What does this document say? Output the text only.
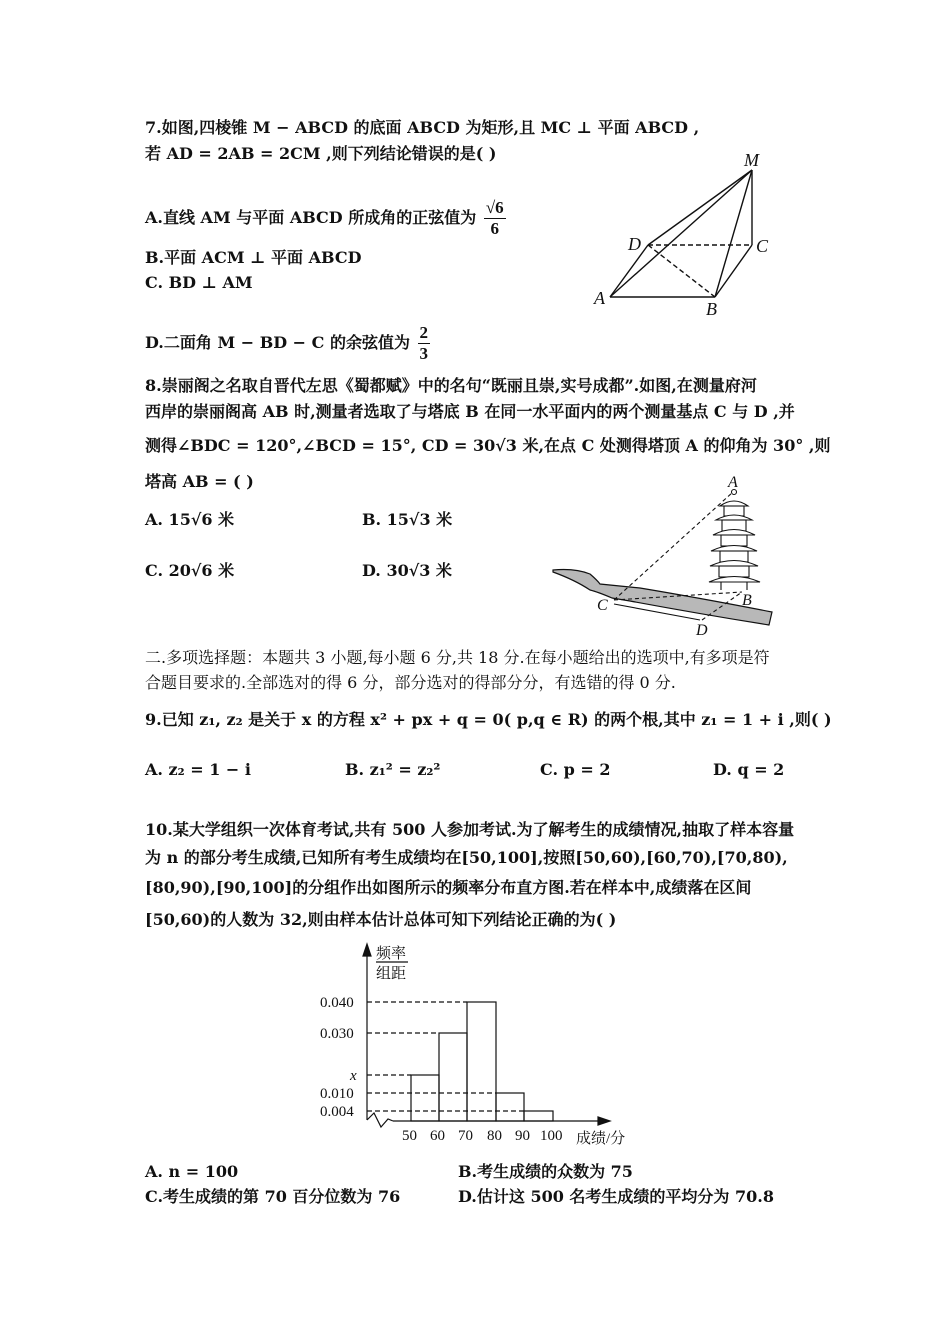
7.如图,四棱锥 M − ABCD 的底面 ABCD 为矩形,且 MC ⊥ 平面 ABCD ,
若 AD = 2AB = 2CM ,则下列结论错误的是( )
A.直线 AM 与平面 ABCD 所成角的正弦值为 $\frac{√6}{6}$
B.平面 ACM ⊥ 平面 ABCD
C. BD ⊥ AM
D.二面角 M − BD − C 的余弦值为 $\frac{2}{3}$
M
D	C
A
B
8.崇丽阁之名取自晋代左思《蜀都赋》中的名句“既丽且崇,实号成都”.如图,在测量府河
西岸的崇丽阁高 AB 时,测量者选取了与塔底 B 在同一水平面内的两个测量基点 C 与 D ,并
测得∠BDC = 120°,∠BCD = 15°, CD = 30√3 米,在点 C 处测得塔顶 A 的仰角为 30° ,则
塔高 AB = ( )
A. 15√6 米	B. 15√3 米
C. 20√6 米	D. 30√3 米
A
B
C
D
二.多项选择题：本题共 3 小题,每小题 6 分,共 18 分.在每小题给出的选项中,有多项是符
合题目要求的.全部选对的得 6 分，部分选对的得部分分，有选错的得 0 分.
9.已知 z₁, z₂ 是关于 x 的方程 x² + px + q = 0( p,q ∈ R) 的两个根,其中 z₁ = 1 + i ,则( )
A. z₂ = 1 − i	B. z₁² = z₂²	C. p = 2	D. q = 2
10.某大学组织一次体育考试,共有 500 人参加考试.为了解考生的成绩情况,抽取了样本容量
为 n 的部分考生成绩,已知所有考生成绩均在[50,100],按照[50,60),[60,70),[70,80),
[80,90),[90,100]的分组作出如图所示的频率分布直方图.若在样本中,成绩落在区间
[50,60)的人数为 32,则由样本估计总体可知下列结论正确的为( )
频率
组距
0.040
0.030
x
0.010
0.004
50 60 70 80 90 100 成绩/分
A. n = 100	B.考生成绩的众数为 75
C.考生成绩的第 70 百分位数为 76	D.估计这 500 名考生成绩的平均分为 70.8
